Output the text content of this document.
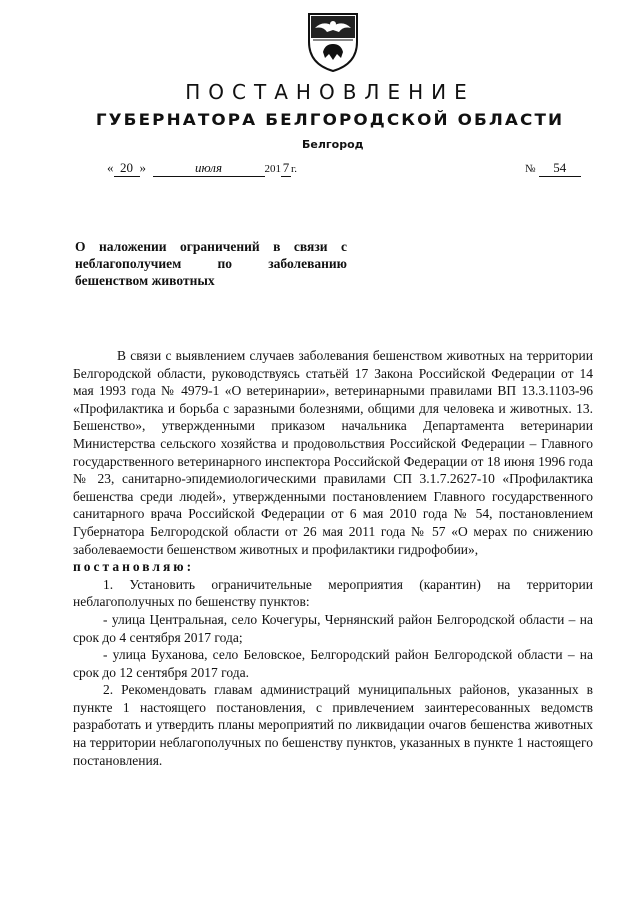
ПОСТАНОВЛЕНИЕ
ГУБЕРНАТОРА БЕЛГОРОДСКОЙ ОБЛАСТИ
Белгород
« 20 »	июля	201 7 г.	№ 54
О наложении ограничений в связи с
неблагополучием по заболеванию
бешенством животных

В связи с выявлением случаев заболевания бешенством животных на территории Белгородской области, руководствуясь статьёй 17 Закона Российской Федерации от 14 мая 1993 года № 4979-1 «О ветеринарии», ветеринарными правилами ВП 13.3.1103-96 «Профилактика и борьба с заразными болезнями, общими для человека и животных. 13. Бешенство», утвержденными приказом начальника Департамента ветеринарии Министерства сельского хозяйства и продовольствия Российской Федерации – Главного государственного ветеринарного инспектора Российской Федерации от 18 июня 1996 года № 23, санитарно-эпидемиологическими правилами СП 3.1.7.2627-10 «Профилактика бешенства среди людей», утвержденными постановлением Главного государственного санитарного врача Российской Федерации от 6 мая 2010 года № 54, постановлением Губернатора Белгородской области от 26 мая 2011 года № 57 «О мерах по снижению заболеваемости бешенством животных и профилактики гидрофобии»,

постановляю:

1. Установить ограничительные мероприятия (карантин) на территории неблагополучных по бешенству пунктов:

- улица Центральная, село Кочегуры, Чернянский район Белгородской области – на срок до 4 сентября 2017 года;

- улица Буханова, село Беловское, Белгородский район Белгородской области – на срок до 12 сентября 2017 года.

2. Рекомендовать главам администраций муниципальных районов, указанных в пункте 1 настоящего постановления, с привлечением заинтересованных ведомств разработать и утвердить планы мероприятий по ликвидации очагов бешенства животных на территории неблагополучных по бешенству пунктов, указанных в пункте 1 настоящего постановления.
